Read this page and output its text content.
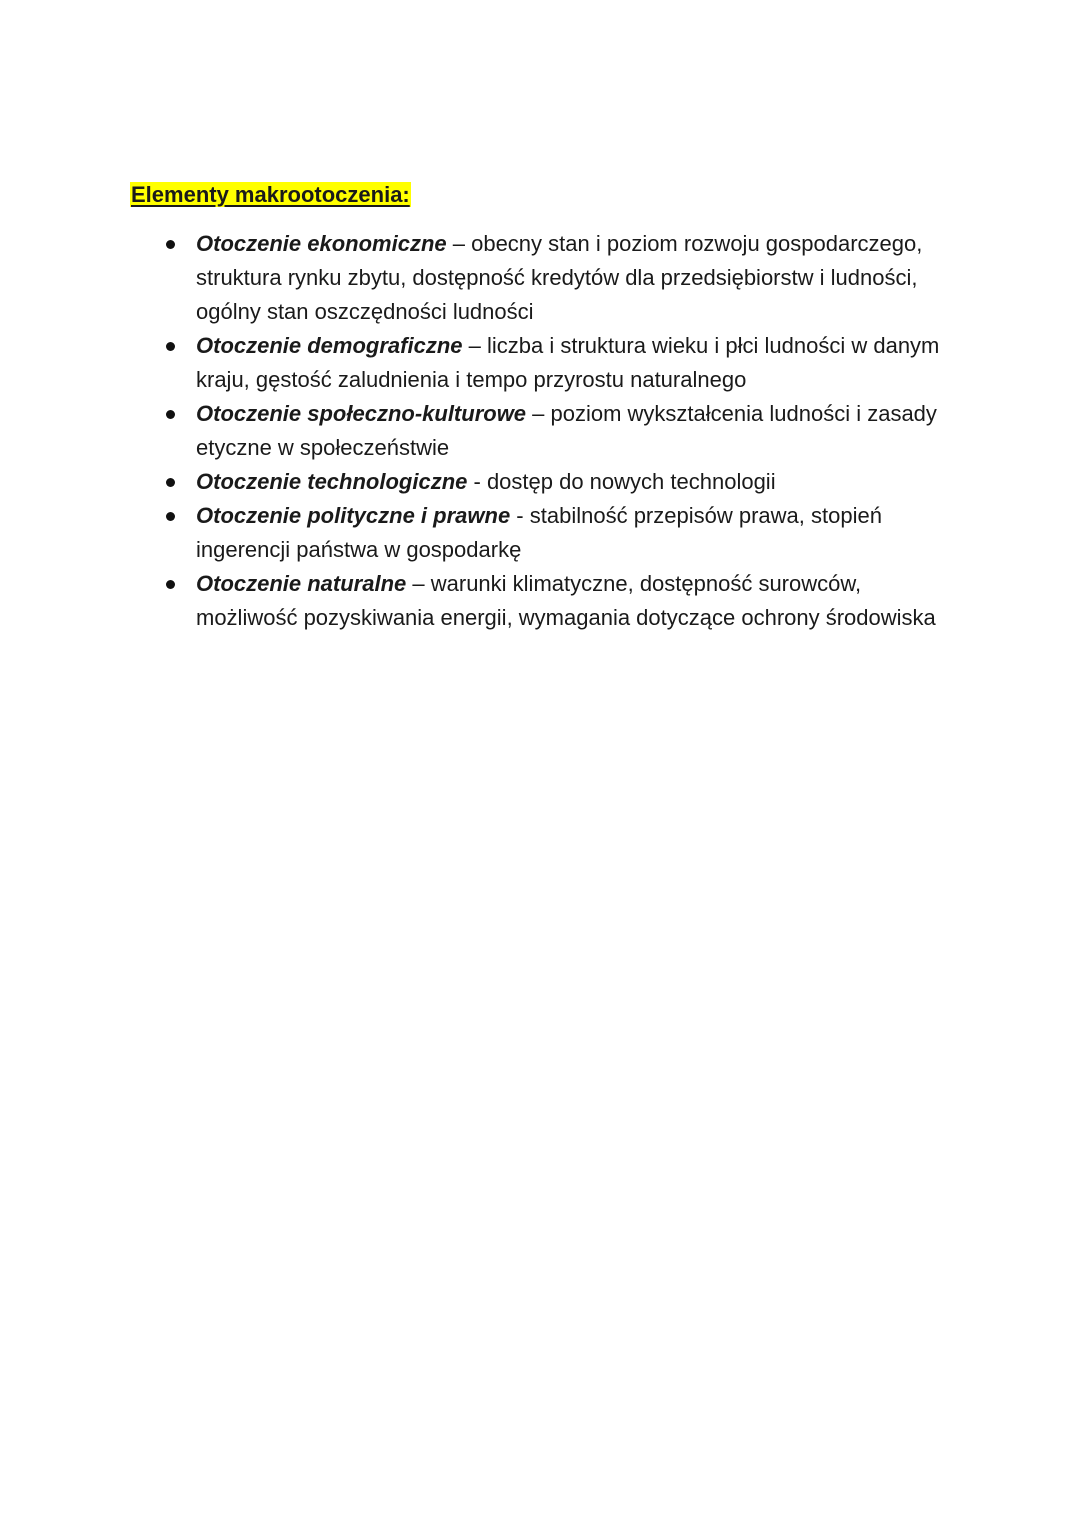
Elementy makrootoczenia:
Otoczenie ekonomiczne – obecny stan i poziom rozwoju gospodarczego, struktura rynku zbytu, dostępność kredytów dla przedsiębiorstw i ludności, ogólny stan oszczędności ludności
Otoczenie demograficzne – liczba i struktura wieku i płci ludności w danym kraju, gęstość zaludnienia i tempo przyrostu naturalnego
Otoczenie społeczno-kulturowe – poziom wykształcenia ludności i zasady etyczne w społeczeństwie
Otoczenie technologiczne - dostęp do nowych technologii
Otoczenie polityczne i prawne - stabilność przepisów prawa, stopień ingerencji państwa w gospodarkę
Otoczenie naturalne – warunki klimatyczne, dostępność surowców, możliwość pozyskiwania energii, wymagania dotyczące ochrony środowiska
